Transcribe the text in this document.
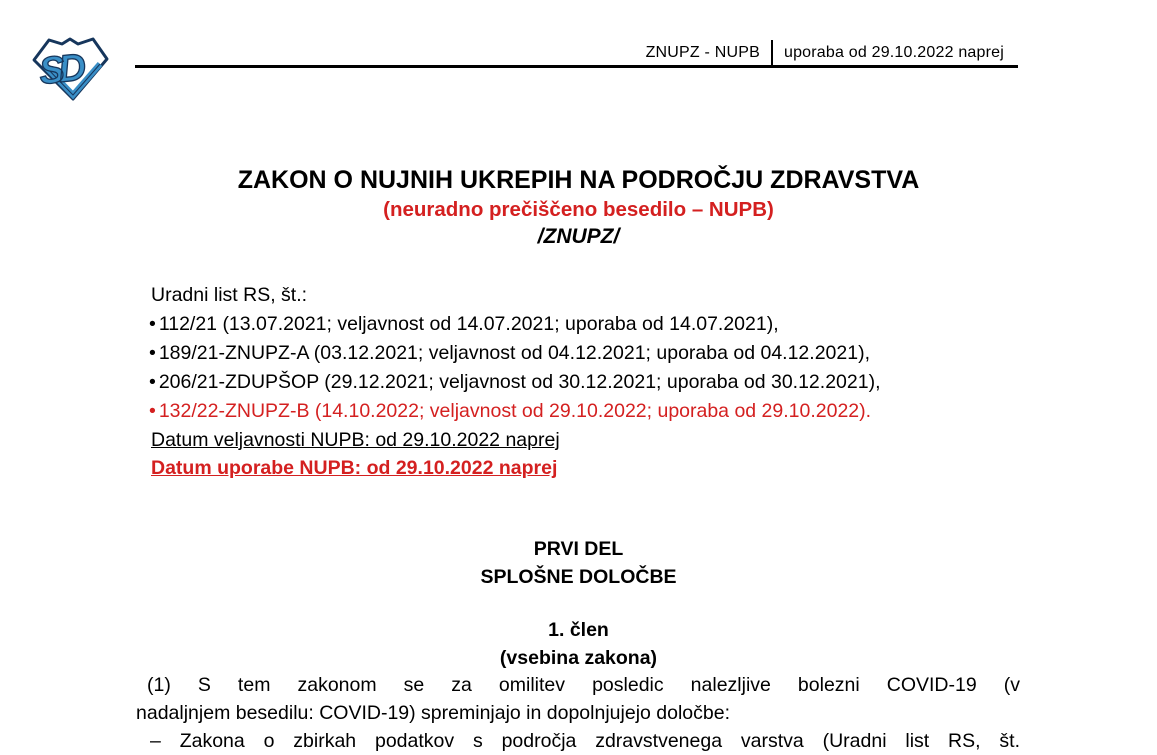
SD	ZNUPZ - NUPB uporaba od 29.10.2022 naprej
ZAKON O NUJNIH UKREPIH NA PODROČJU ZDRAVSTVA
(neuradno prečiščeno besedilo – NUPB)
/ZNUPZ/
Uradni list RS, št.:
• 112/21 (13.07.2021; veljavnost od 14.07.2021; uporaba od 14.07.2021),
• 189/21-ZNUPZ-A (03.12.2021; veljavnost od 04.12.2021; uporaba od 04.12.2021),
• 206/21-ZDUPŠOP (29.12.2021; veljavnost od 30.12.2021; uporaba od 30.12.2021),
• 132/22-ZNUPZ-B (14.10.2022; veljavnost od 29.10.2022; uporaba od 29.10.2022).
Datum veljavnosti NUPB: od 29.10.2022 naprej
Datum uporabe NUPB: od 29.10.2022 naprej
PRVI DEL
SPLOŠNE DOLOČBE
1. člen
(vsebina zakona)
(1) S tem zakonom se za omilitev posledic nalezljive bolezni COVID-19 (v
nadaljnjem besedilu: COVID-19) spreminjajo in dopolnjujejo določbe:
– Zakona o zbirkah podatkov s področja zdravstvenega varstva (Uradni list RS, št.
